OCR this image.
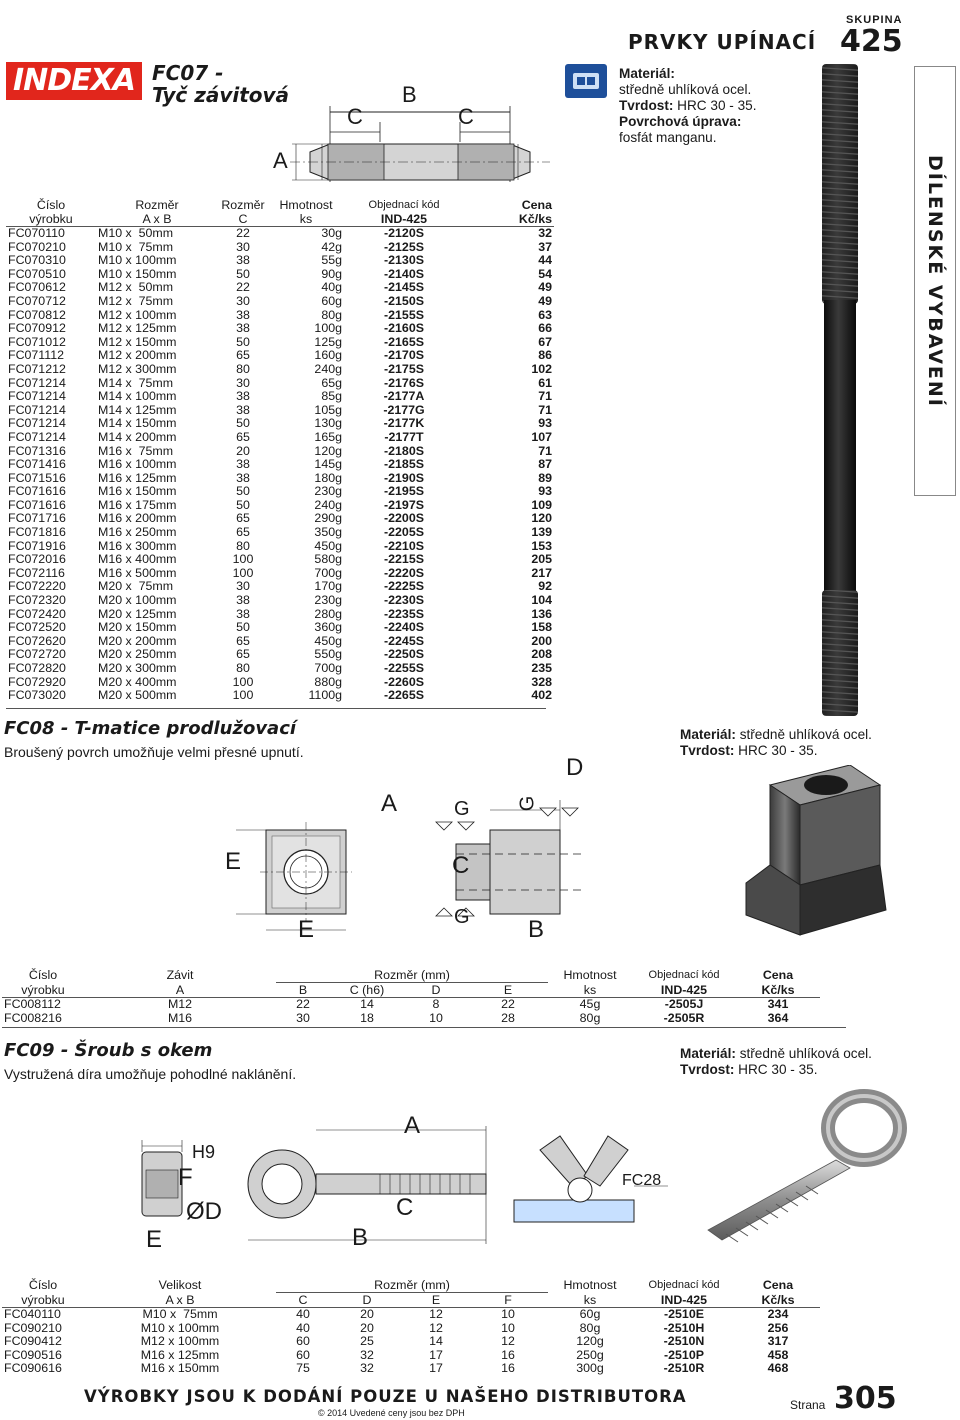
INDEXA FC07 -
Tyč závitová
PRVKY UPÍNACÍ
SKUPINA
425
DÍLENSKÉ VYBAVENÍ
Materiál:
středně uhlíková ocel.
Tvrdost: HRC 30 - 35.
Povrchová úprava:
fosfát manganu.
A
B
C	C
Číslo	Rozměr	Rozměr	Hmotnost	Objednací kód	Cena
výrobku	A x B	C	ks	IND-425	Kč/ks
FC070110	M10 x  50mm	22	30g	-2120S	32
FC070210	M10 x  75mm	30	42g	-2125S	37
FC070310	M10 x 100mm	38	55g	-2130S	44
FC070510	M10 x 150mm	50	90g	-2140S	54
FC070612	M12 x  50mm	22	40g	-2145S	49
FC070712	M12 x  75mm	30	60g	-2150S	49
FC070812	M12 x 100mm	38	80g	-2155S	63
FC070912	M12 x 125mm	38	100g	-2160S	66
FC071012	M12 x 150mm	50	125g	-2165S	67
FC071112	M12 x 200mm	65	160g	-2170S	86
FC071212	M12 x 300mm	80	240g	-2175S	102
FC071214	M14 x  75mm	30	65g	-2176S	61
FC071214	M14 x 100mm	38	85g	-2177A	71
FC071214	M14 x 125mm	38	105g	-2177G	71
FC071214	M14 x 150mm	50	130g	-2177K	93
FC071214	M14 x 200mm	65	165g	-2177T	107
FC071316	M16 x  75mm	20	120g	-2180S	71
FC071416	M16 x 100mm	38	145g	-2185S	87
FC071516	M16 x 125mm	38	180g	-2190S	89
FC071616	M16 x 150mm	50	230g	-2195S	93
FC071616	M16 x 175mm	50	240g	-2197S	109
FC071716	M16 x 200mm	65	290g	-2200S	120
FC071816	M16 x 250mm	65	350g	-2205S	139
FC071916	M16 x 300mm	80	450g	-2210S	153
FC072016	M16 x 400mm	100	580g	-2215S	205
FC072116	M16 x 500mm	100	700g	-2220S	217
FC072220	M20 x  75mm	30	170g	-2225S	92
FC072320	M20 x 100mm	38	230g	-2230S	104
FC072420	M20 x 125mm	38	280g	-2235S	136
FC072520	M20 x 150mm	50	360g	-2240S	158
FC072620	M20 x 200mm	65	450g	-2245S	200
FC072720	M20 x 250mm	65	550g	-2250S	208
FC072820	M20 x 300mm	80	700g	-2255S	235
FC072920	M20 x 400mm	100	880g	-2260S	328
FC073020	M20 x 500mm	100	1100g	-2265S	402
FC08 - T-matice prodlužovací
Broušený povrch umožňuje velmi přesné upnutí.
Materiál: středně uhlíková ocel.
Tvrdost: HRC 30 - 35.
E
E
A	G
C
G B
G
D
Číslo	Závit	Rozměr (mm)				Hmotnost	Objednací kód	Cena
výrobku	A	B	C (h6)	D	E	ks	IND-425	Kč/ks
FC008112	M12	22	14	8	22	45g	-2505J	341
FC008216	M16	30	18	10	28	80g	-2505R	364
FC09 - Šroub s okem
Vystružená díra umožňuje pohodlné naklánění.
Materiál: středně uhlíková ocel.
Tvrdost: HRC 30 - 35.
H9
F
ØD
E	B
C
A
FC28
Číslo	Velikost	Rozměr (mm)				Hmotnost	Objednací kód	Cena
výrobku	A x B	C	D	E	F	ks	IND-425	Kč/ks
FC040110	M10 x  75mm	40	20	12	10	60g	-2510E	234
FC090210	M10 x 100mm	40	20	12	10	80g	-2510H	256
FC090412	M12 x 100mm	60	25	14	12	120g	-2510N	317
FC090516	M16 x 125mm	60	32	17	16	250g	-2510P	458
FC090616	M16 x 150mm	75	32	17	16	300g	-2510R	468
VÝROBKY JSOU K DODÁNÍ POUZE U NAŠEHO DISTRIBUTORA
© 2014 Uvedené ceny jsou bez DPH
Strana 305
